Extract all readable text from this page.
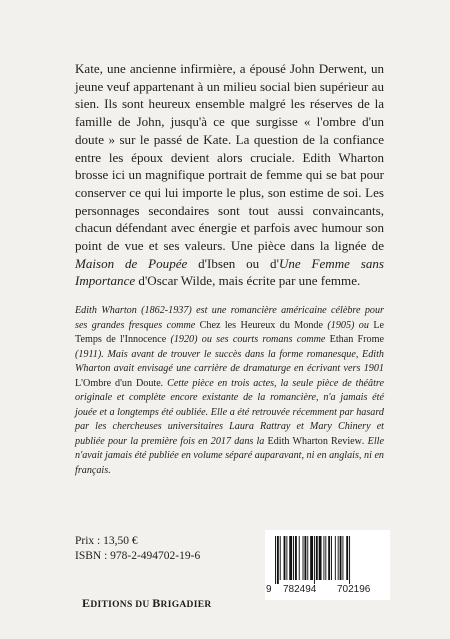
Kate, une ancienne infirmière, a épousé John Derwent, un jeune veuf appartenant à un milieu social bien supérieur au sien. Ils sont heureux ensemble malgré les réserves de la famille de John, jusqu'à ce que surgisse « l'ombre d'un doute » sur le passé de Kate. La question de la confiance entre les époux devient alors cruciale. Edith Wharton brosse ici un magnifique portrait de femme qui se bat pour conserver ce qui lui importe le plus, son estime de soi. Les personnages secondaires sont tout aussi convaincants, chacun défendant avec énergie et parfois avec humour son point de vue et ses valeurs. Une pièce dans la lignée de Maison de Poupée d'Ibsen ou d'Une Femme sans Importance d'Oscar Wilde, mais écrite par une femme.

Edith Wharton (1862-1937) est une romancière américaine célèbre pour ses grandes fresques comme Chez les Heureux du Monde (1905) ou Le Temps de l'Innocence (1920) ou ses courts romans comme Ethan Frome (1911). Mais avant de trouver le succès dans la forme romanesque, Edith Wharton avait envisagé une carrière de dramaturge en écrivant vers 1901 L'Ombre d'un Doute. Cette pièce en trois actes, la seule pièce de théâtre originale et complète encore existante de la romancière, n'a jamais été jouée et a longtemps été oubliée. Elle a été retrouvée récemment par hasard par les chercheuses universitaires Laura Rattray et Mary Chinery et publiée pour la première fois en 2017 dans la Edith Wharton Review. Elle n'avait jamais été publiée en volume séparé auparavant, ni en anglais, ni en français.

Prix : 13,50 €

ISBN : 978-2-494702-19-6

9 782494 702196

EDITIONS DU BRIGADIER
